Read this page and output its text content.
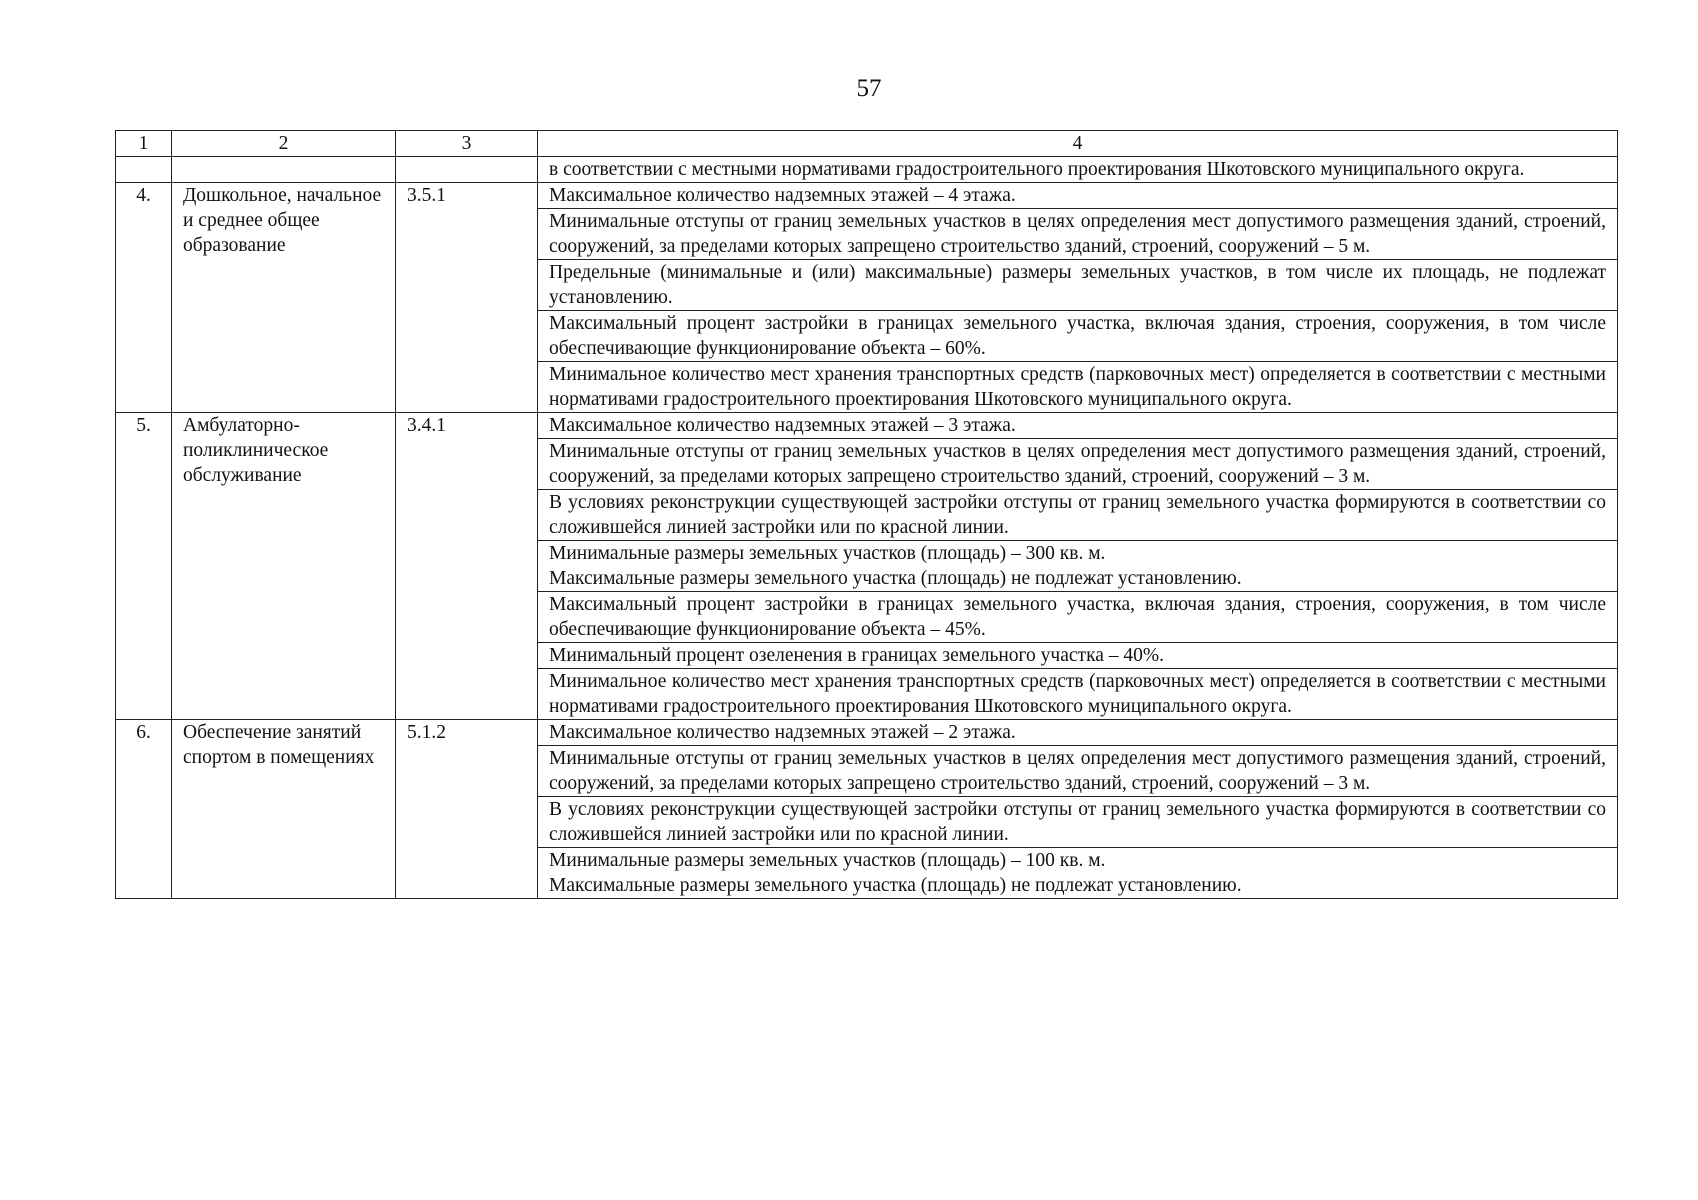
57
1	2	3	4
			в соответствии с местными нормативами градостроительного проектирования Шкотовского муниципального округа.
4.	Дошкольное, начальное и среднее общее образование	3.5.1	Максимальное количество надземных этажей – 4 этажа.

			Минимальные отступы от границ земельных участков в целях определения мест допустимого размещения зданий, строений, сооружений, за пределами которых запрещено строительство зданий, строений, сооружений – 5 м.

			Предельные (минимальные и (или) максимальные) размеры земельных участков, в том числе их площадь, не подлежат установлению.

			Максимальный процент застройки в границах земельного участка, включая здания, строения, сооружения, в том числе обеспечивающие функционирование объекта – 60%.

			Минимальное количество мест хранения транспортных средств (парковочных мест) определяется в соответствии с местными нормативами градостроительного проектирования Шкотовского муниципального округа.

5.	Амбулаторно-поликлиническое обслуживание	3.4.1	Максимальное количество надземных этажей – 3 этажа.

			Минимальные отступы от границ земельных участков в целях определения мест допустимого размещения зданий, строений, сооружений, за пределами которых запрещено строительство зданий, строений, сооружений – 3 м.

			В условиях реконструкции существующей застройки отступы от границ земельного участка формируются в соответствии со сложившейся линией застройки или по красной линии.

			Минимальные размеры земельных участков (площадь) – 300 кв. м.
Максимальные размеры земельного участка (площадь) не подлежат установлению.

			Максимальный процент застройки в границах земельного участка, включая здания, строения, сооружения, в том числе обеспечивающие функционирование объекта – 45%.

			Минимальный процент озеленения в границах земельного участка – 40%.

			Минимальное количество мест хранения транспортных средств (парковочных мест) определяется в соответствии с местными нормативами градостроительного проектирования Шкотовского муниципального округа.

6.	Обеспечение занятий спортом в помещениях	5.1.2	Максимальное количество надземных этажей – 2 этажа.

			Минимальные отступы от границ земельных участков в целях определения мест допустимого размещения зданий, строений, сооружений, за пределами которых запрещено строительство зданий, строений, сооружений – 3 м.

			В условиях реконструкции существующей застройки отступы от границ земельного участка формируются в соответствии со сложившейся линией застройки или по красной линии.

			Минимальные размеры земельных участков (площадь) – 100 кв. м.
Максимальные размеры земельного участка (площадь) не подлежат установлению.
